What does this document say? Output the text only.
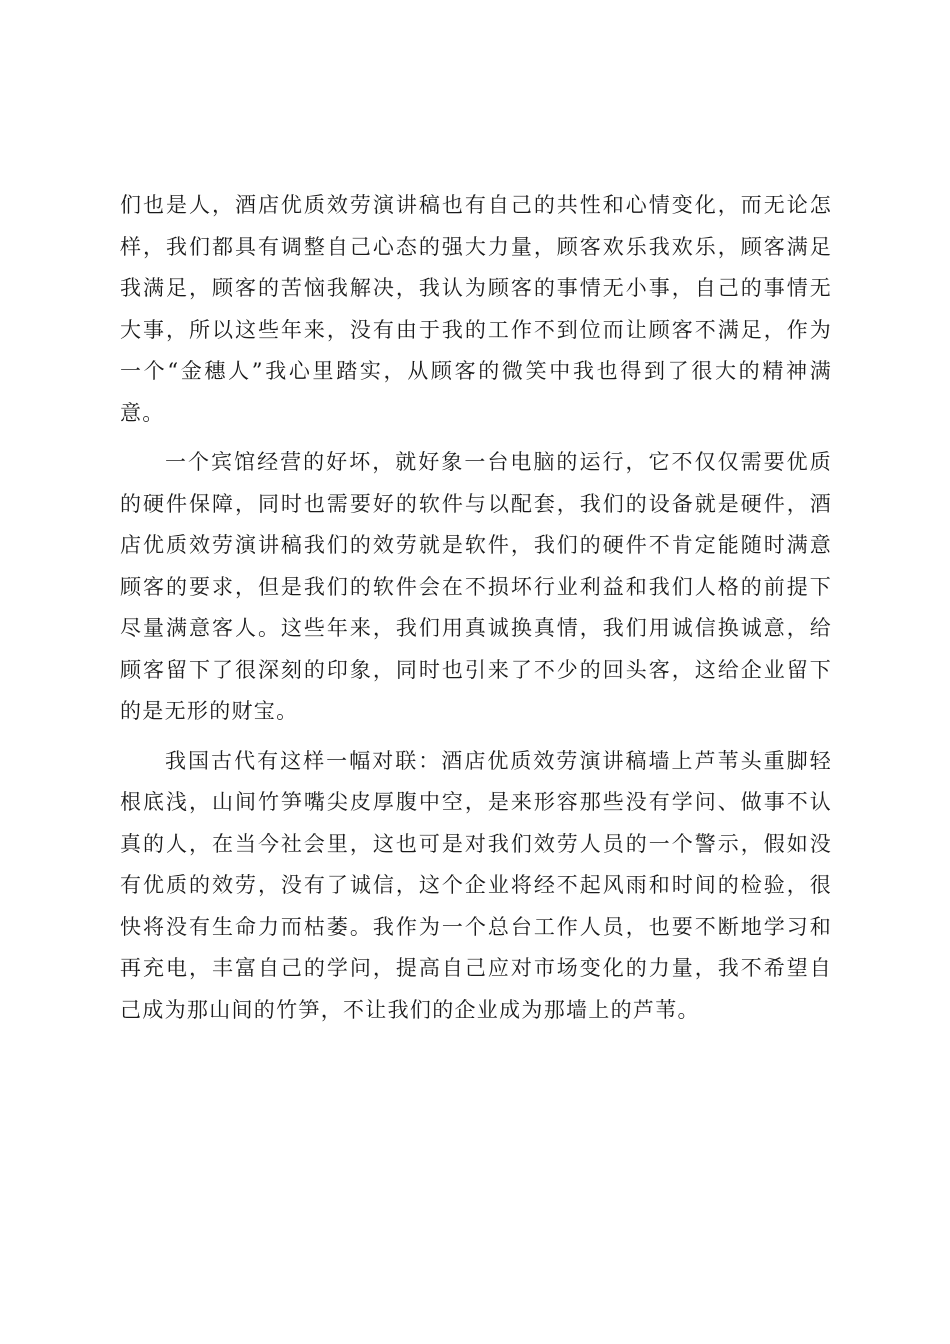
们也是人，酒店优质效劳演讲稿也有自己的共性和心情变化，而无论怎
样，我们都具有调整自己心态的强大力量，顾客欢乐我欢乐，顾客满足
我满足，顾客的苦恼我解决，我认为顾客的事情无小事，自己的事情无
大事，所以这些年来，没有由于我的工作不到位而让顾客不满足，作为
一个“金穗人”我心里踏实，从顾客的微笑中我也得到了很大的精神满
意。
一个宾馆经营的好坏，就好象一台电脑的运行，它不仅仅需要优质
的硬件保障，同时也需要好的软件与以配套，我们的设备就是硬件，酒
店优质效劳演讲稿我们的效劳就是软件，我们的硬件不肯定能随时满意
顾客的要求，但是我们的软件会在不损坏行业利益和我们人格的前提下
尽量满意客人。这些年来，我们用真诚换真情，我们用诚信换诚意，给
顾客留下了很深刻的印象，同时也引来了不少的回头客，这给企业留下
的是无形的财宝。
我国古代有这样一幅对联：酒店优质效劳演讲稿墙上芦苇头重脚轻
根底浅，山间竹笋嘴尖皮厚腹中空，是来形容那些没有学问、做事不认
真的人，在当今社会里，这也可是对我们效劳人员的一个警示，假如没
有优质的效劳，没有了诚信，这个企业将经不起风雨和时间的检验，很
快将没有生命力而枯萎。我作为一个总台工作人员，也要不断地学习和
再充电，丰富自己的学问，提高自己应对市场变化的力量，我不希望自
己成为那山间的竹笋，不让我们的企业成为那墙上的芦苇。
